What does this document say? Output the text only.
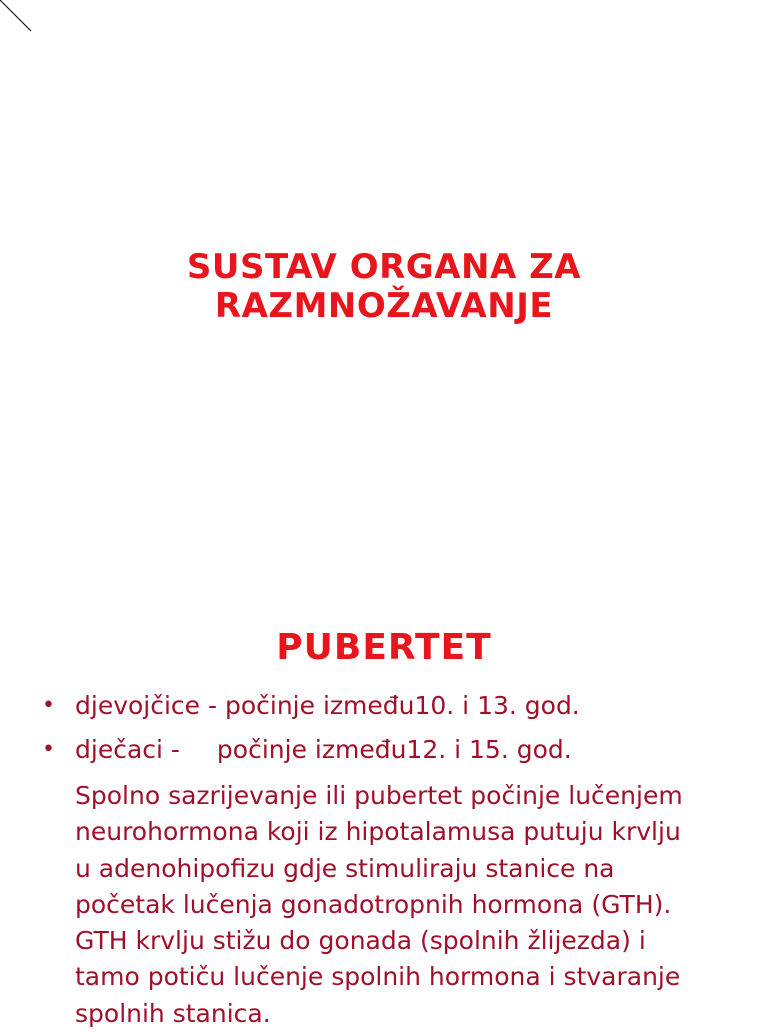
SUSTAV ORGANA ZA
RAZMNOŽAVANJE
PUBERTET
• djevojčice - počinje između10. i 13. god.
• dječaci - počinje između12. i 15. god.
Spolno sazrijevanje ili pubertet počinje lučenjem
neurohormona koji iz hipotalamusa putuju krvlju
u adenohipofizu gdje stimuliraju stanice na
početak lučenja gonadotropnih hormona (GTH).
GTH krvlju stižu do gonada (spolnih žlijezda) i
tamo potiču lučenje spolnih hormona i stvaranje
spolnih stanica.
